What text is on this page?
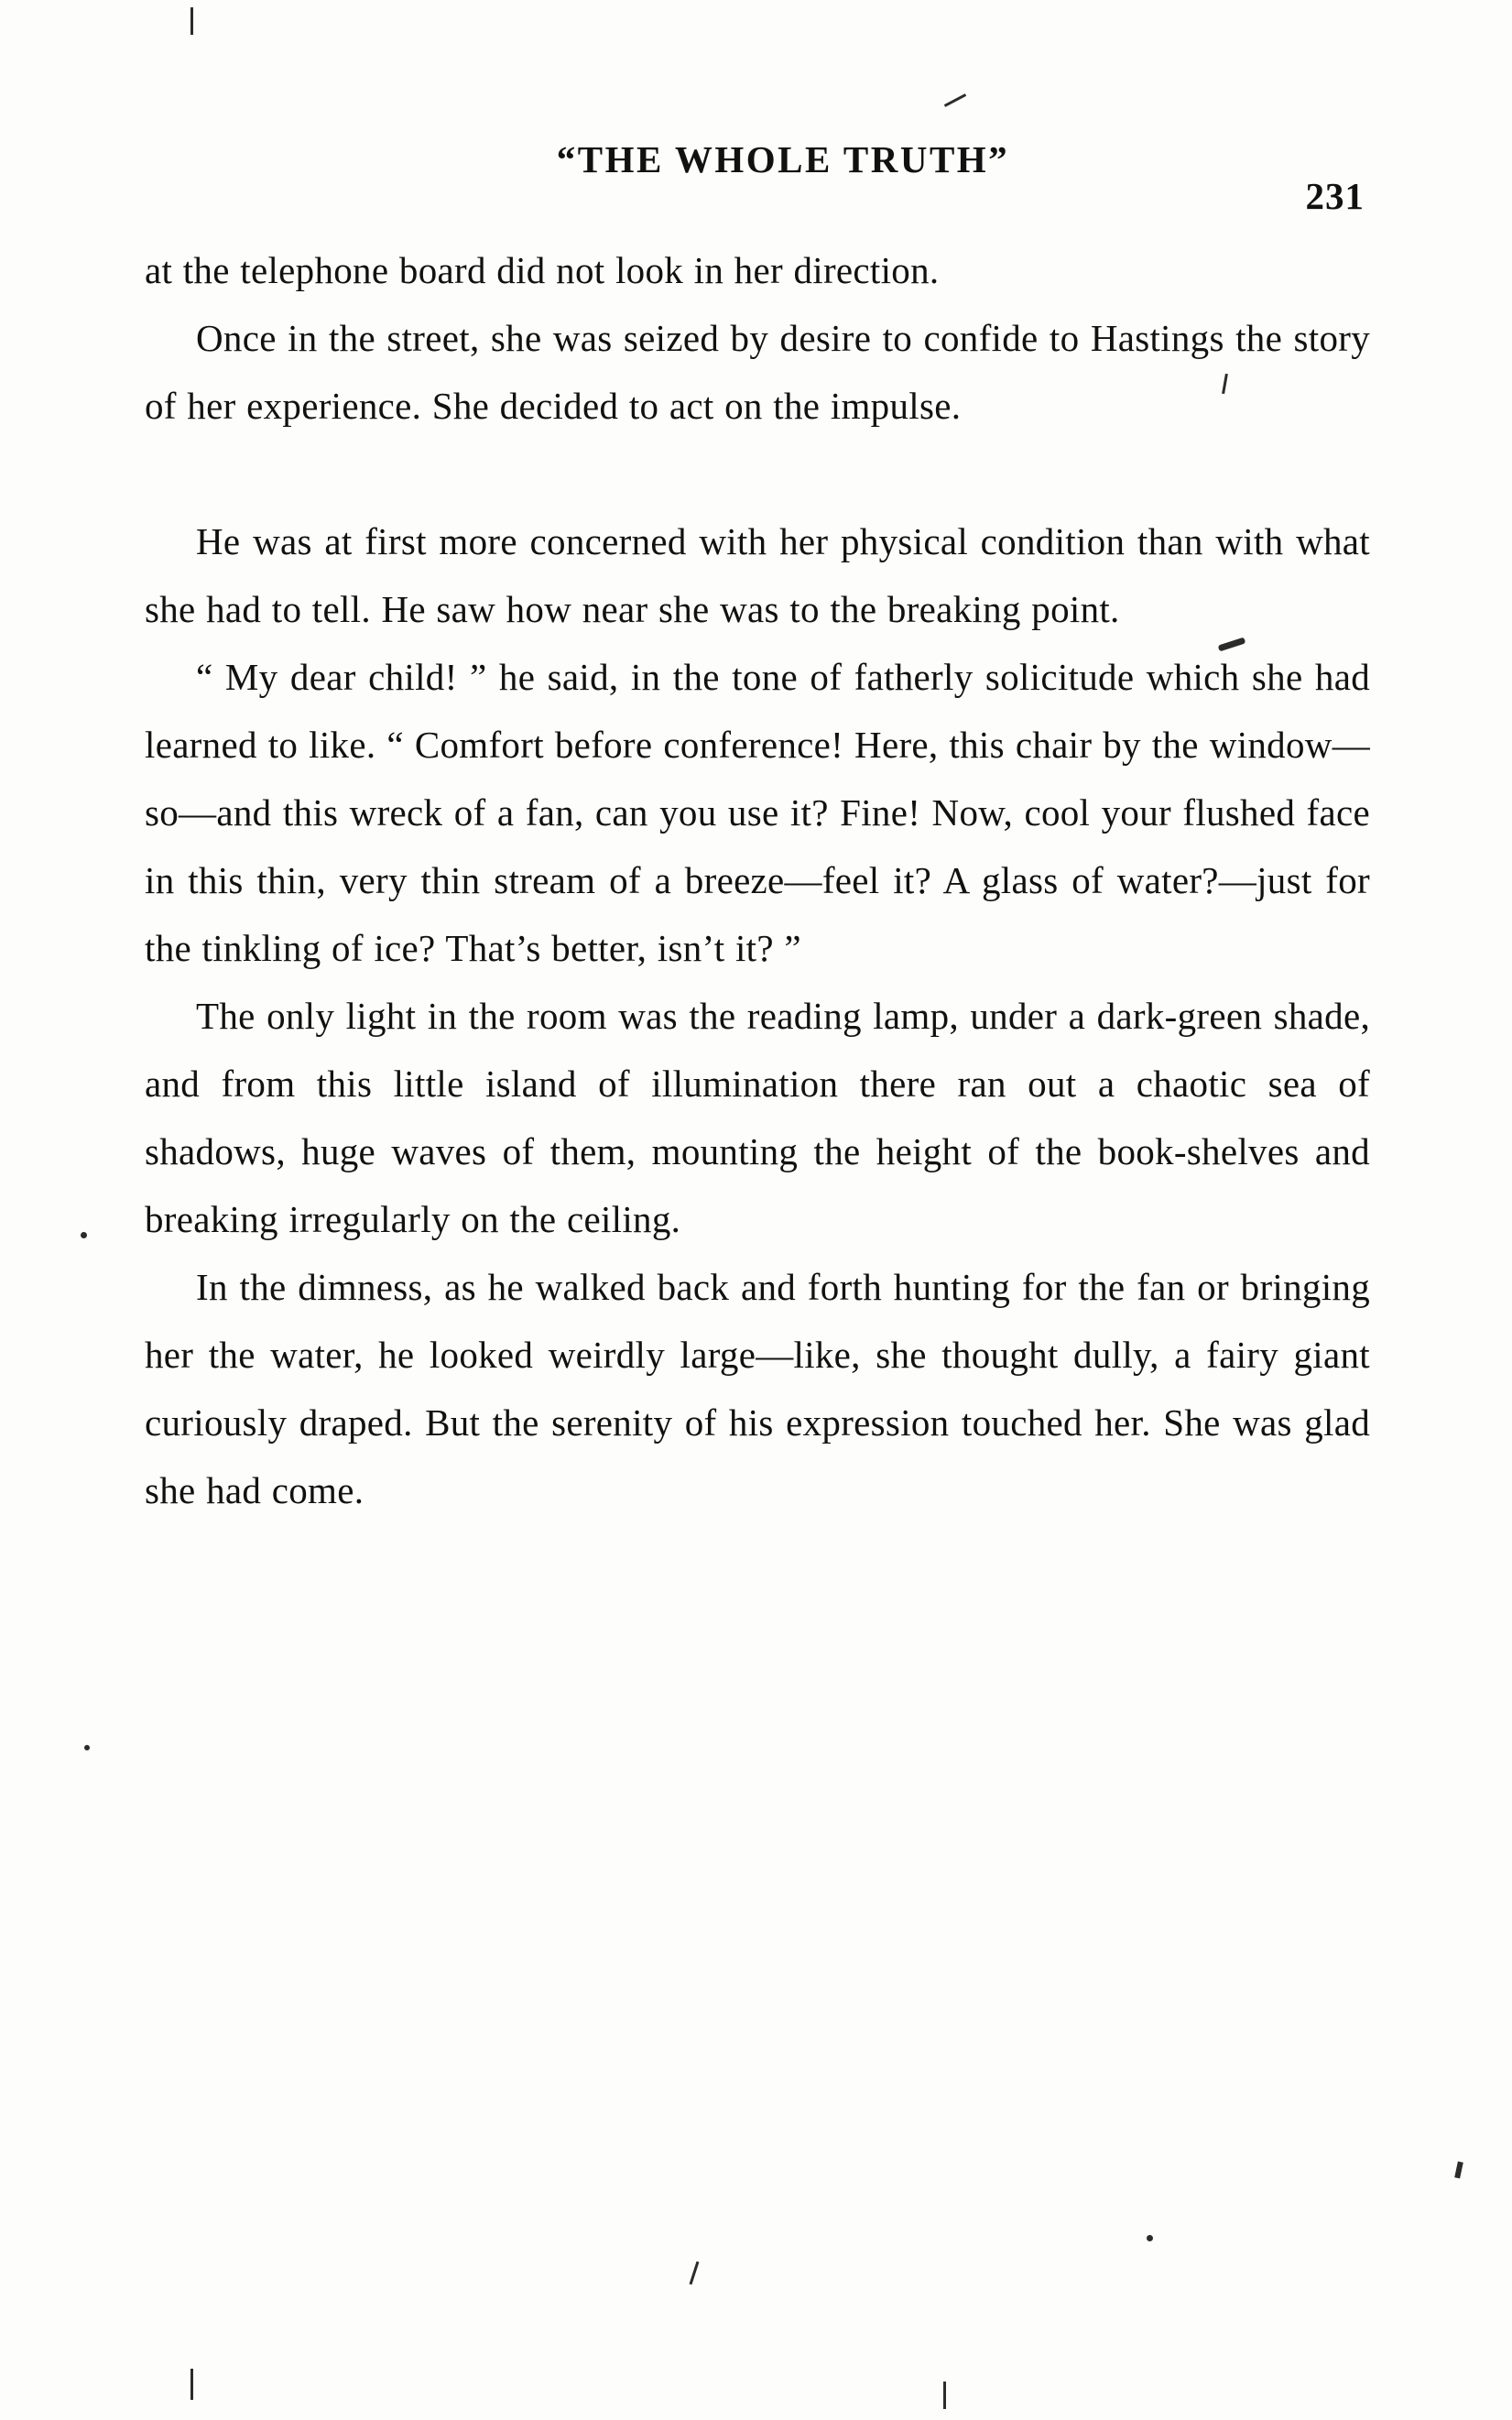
“THE WHOLE TRUTH”
231

at the telephone board did not look in her direction.

Once in the street, she was seized by desire to confide to Hastings the story of her experience. She decided to act on the impulse.

He was at first more concerned with her physical condition than with what she had to tell. He saw how near she was to the breaking point.

“ My dear child! ” he said, in the tone of fatherly solicitude which she had learned to like. “ Comfort before conference! Here, this chair by the window—so—and this wreck of a fan, can you use it? Fine! Now, cool your flushed face in this thin, very thin stream of a breeze—feel it? A glass of water?—just for the tinkling of ice? That’s better, isn’t it? ”

The only light in the room was the reading lamp, under a dark-green shade, and from this little island of illumination there ran out a chaotic sea of shadows, huge waves of them, mounting the height of the book-shelves and breaking irregularly on the ceiling.

In the dimness, as he walked back and forth hunting for the fan or bringing her the water, he looked weirdly large—like, she thought dully, a fairy giant curiously draped. But the serenity of his expression touched her. She was glad she had come.
